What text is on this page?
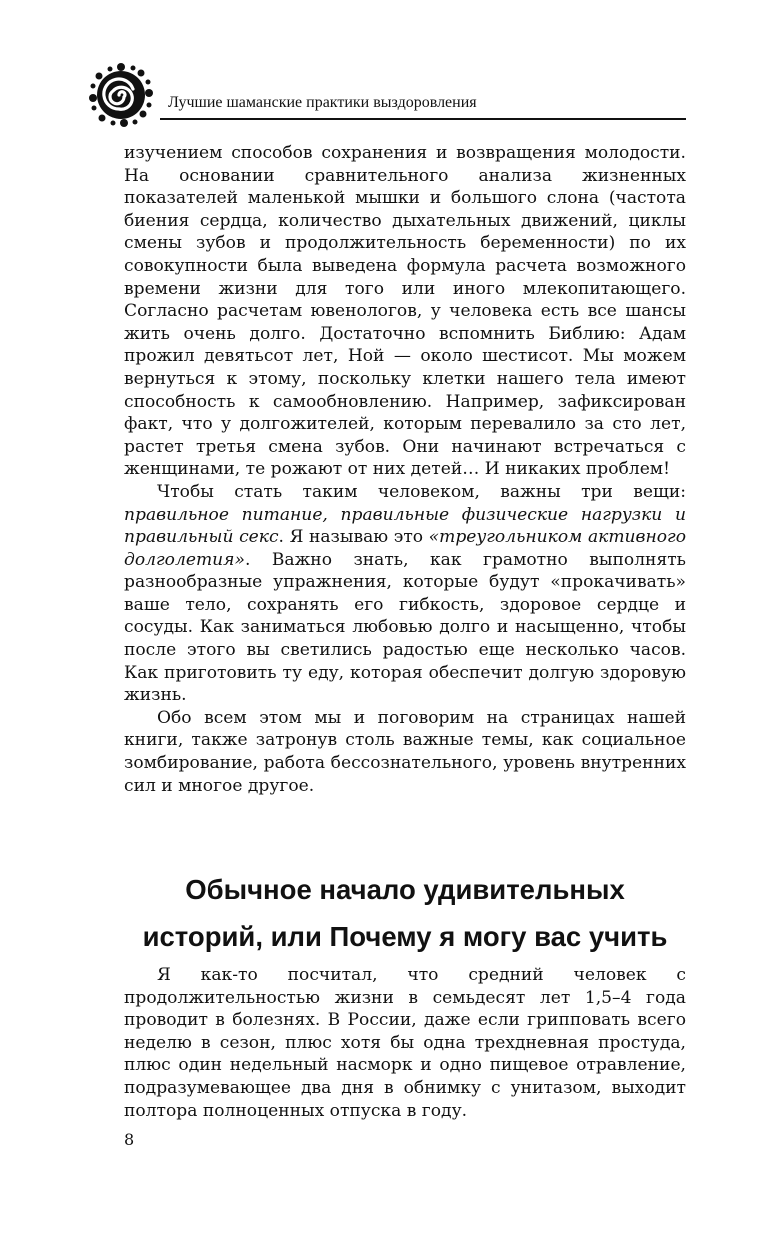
Лучшие шаманские практики выздоровления

изучением способов сохранения и возвращения молодости. На основании сравнительного анализа жизненных показателей маленькой мышки и большого слона (частота биения сердца, количество дыхательных движений, циклы смены зубов и продолжительность беременности) по их совокупности была выведена формула расчета возможного времени жизни для того или иного млекопитающего. Согласно расчетам ювенологов, у человека есть все шансы жить очень долго. Достаточно вспомнить Библию: Адам прожил девятьсот лет, Ной — около шестисот. Мы можем вернуться к этому, поскольку клетки нашего тела имеют способность к самообновлению. Например, зафиксирован факт, что у долгожителей, которым перевалило за сто лет, растет третья смена зубов. Они начинают встречаться с женщинами, те рожают от них детей… И никаких проблем!

Чтобы стать таким человеком, важны три вещи: правильное питание, правильные физические нагрузки и правильный секс. Я называю это «треугольником активного долголетия». Важно знать, как грамотно выполнять разнообразные упражнения, которые будут «прокачивать» ваше тело, сохранять его гибкость, здоровое сердце и сосуды. Как заниматься любовью долго и насыщенно, чтобы после этого вы светились радостью еще несколько часов. Как приготовить ту еду, которая обеспечит долгую здоровую жизнь.

Обо всем этом мы и поговорим на страницах нашей книги, также затронув столь важные темы, как социальное зомбирование, работа бессознательного, уровень внутренних сил и многое другое.

Обычное начало удивительных историй, или Почему я могу вас учить

Я как-то посчитал, что средний человек с продолжительностью жизни в семьдесят лет 1,5–4 года проводит в болезнях. В России, даже если грипповать всего неделю в сезон, плюс хотя бы одна трехдневная простуда, плюс один недельный насморк и одно пищевое отравление, подразумевающее два дня в обнимку с унитазом, выходит полтора полноценных отпуска в году.

8
